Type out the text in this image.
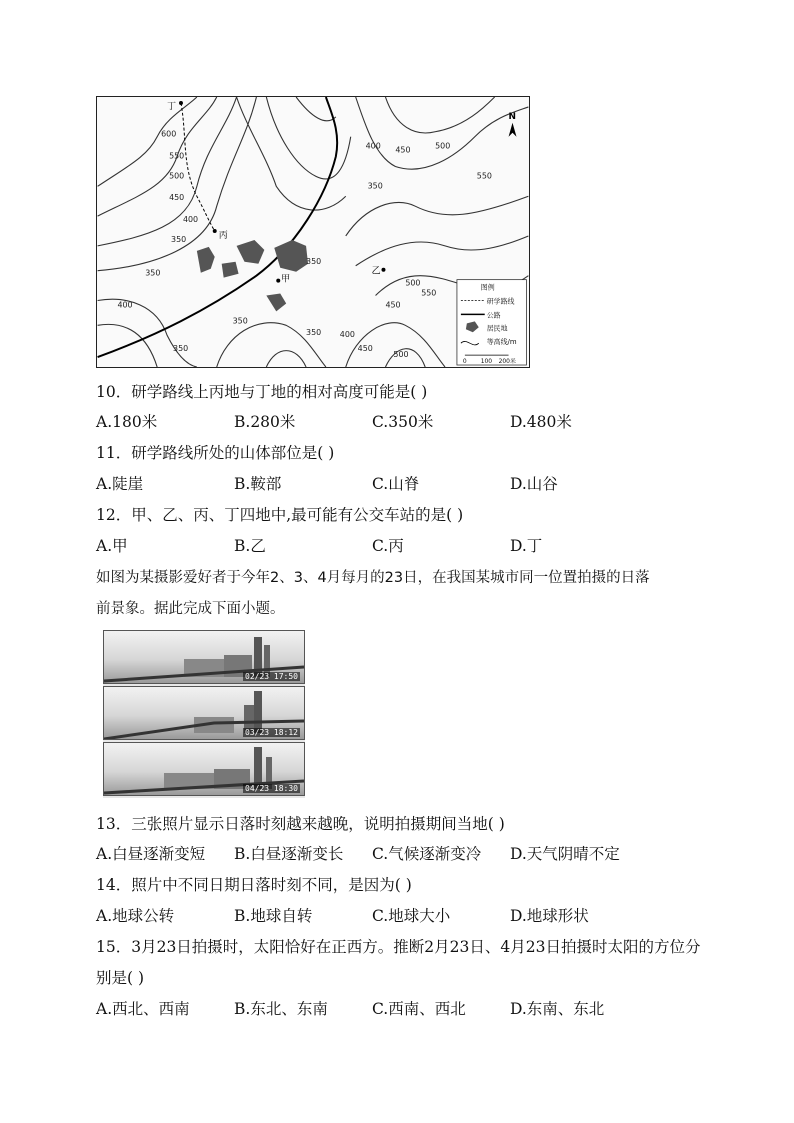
丁
丙
甲
乙
N
600
550
500
450
400
350
350
400
400
350
450	500
550
350
500
550
450
400
350
350
450
500
350
图例
研学路线
公路
居民地
等高线/m
0 100 200米
10．研学路线上丙地与丁地的相对高度可能是( )
A.180米	B.280米	C.350米	D.480米
11．研学路线所处的山体部位是( )
A.陡崖	B.鞍部	C.山脊	D.山谷
12．甲、乙、丙、丁四地中,最可能有公交车站的是( )
A.甲	B.乙	C.丙	D.丁
如图为某摄影爱好者于今年2、3、4月每月的23日，在我国某城市同一位置拍摄的日落
前景象。据此完成下面小题。
02/23 17:50
03/23 18:12
04/23 18:30
13．三张照片显示日落时刻越来越晚，说明拍摄期间当地( )
A.白昼逐渐变短 B.白昼逐渐变长 C.气候逐渐变冷 D.天气阴晴不定
14．照片中不同日期日落时刻不同，是因为( )
A.地球公转	B.地球自转	C.地球大小	D.地球形状
15．3月23日拍摄时，太阳恰好在正西方。推断2月23日、4月23日拍摄时太阳的方位分
别是( )
A.西北、西南	B.东北、东南	C.西南、西北	D.东南、东北
